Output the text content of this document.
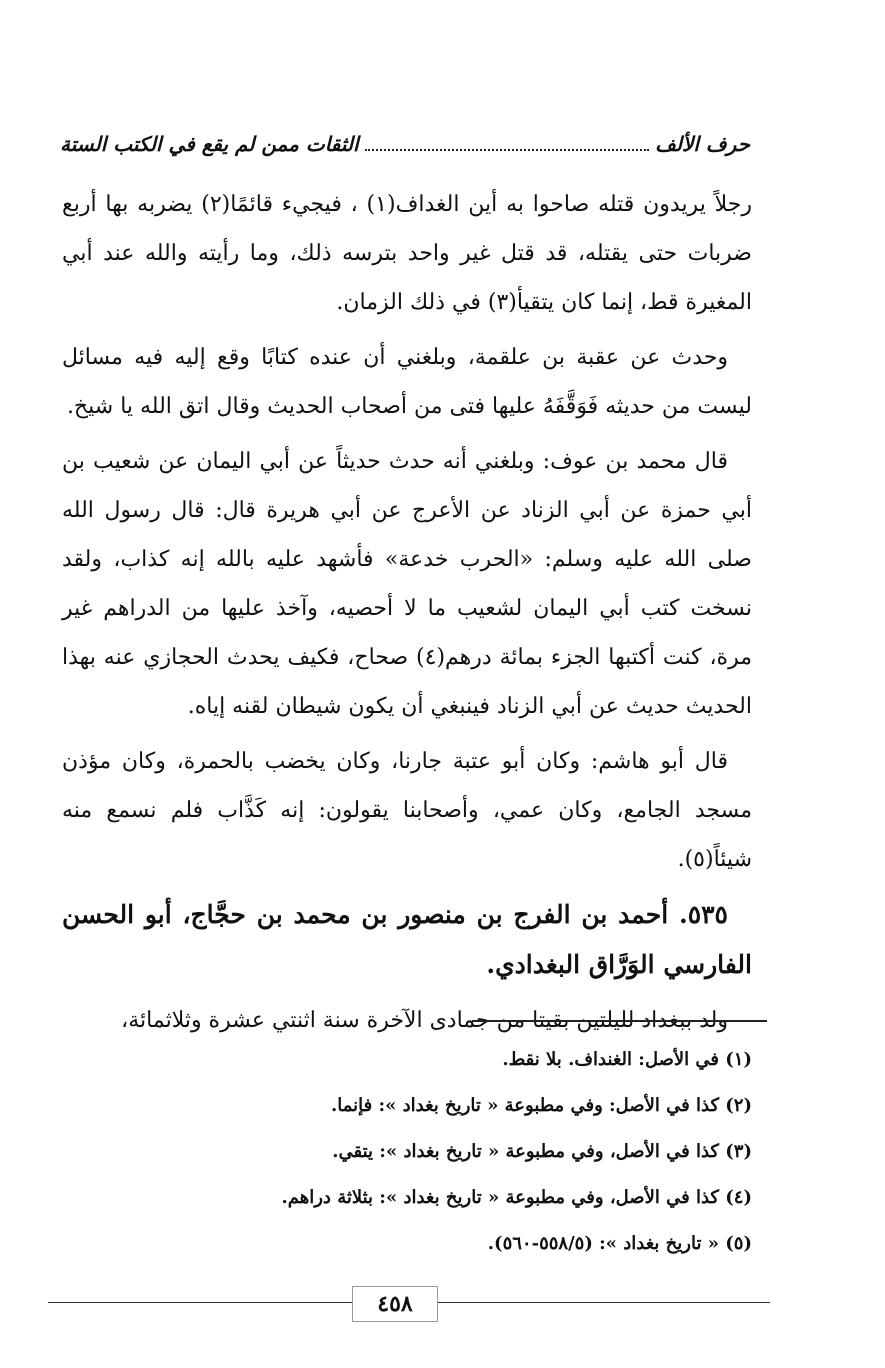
حرف الألف
الثقات ممن لم يقع في الكتب الستة

رجلاً يريدون قتله صاحوا به أين الغداف(١) ، فيجيء قائمًا(٢) يضربه بها أربع ضربات حتى يقتله، قد قتل غير واحد بترسه ذلك، وما رأيته والله عند أبي المغيرة قط، إنما كان يتقيأ(٣) في ذلك الزمان.

وحدث عن عقبة بن علقمة، وبلغني أن عنده كتابًا وقع إليه فيه مسائل ليست من حديثه فَوَقَّفَهُ عليها فتى من أصحاب الحديث وقال اتق الله يا شيخ.

قال محمد بن عوف: وبلغني أنه حدث حديثاً عن أبي اليمان عن شعيب بن أبي حمزة عن أبي الزناد عن الأعرج عن أبي هريرة قال: قال رسول الله صلى الله عليه وسلم: «الحرب خدعة» فأشهد عليه بالله إنه كذاب، ولقد نسخت كتب أبي اليمان لشعيب ما لا أحصيه، وآخذ عليها من الدراهم غير مرة، كنت أكتبها الجزء بمائة درهم(٤) صحاح، فكيف يحدث الحجازي عنه بهذا الحديث حديث عن أبي الزناد فينبغي أن يكون شيطان لقنه إياه.

قال أبو هاشم: وكان أبو عتبة جارنا، وكان يخضب بالحمرة، وكان مؤذن مسجد الجامع، وكان عمي، وأصحابنا يقولون: إنه كَذَّاب فلم نسمع منه شيئاً(٥).

٥٣٥. أحمد بن الفرج بن منصور بن محمد بن حجَّاج، أبو الحسن الفارسي الوَرَّاق البغدادي.

ولد ببغداد لليلتين بقيتا من جمادى الآخرة سنة اثنتي عشرة وثلاثمائة،

(١) في الأصل: الغنداف. بلا نقط.
(٢) كذا في الأصل: وفي مطبوعة « تاريخ بغداد »: فإنما.
(٣) كذا في الأصل، وفي مطبوعة « تاريخ بغداد »: يتقي.
(٤) كذا في الأصل، وفي مطبوعة « تاريخ بغداد »: بثلاثة دراهم.
(٥) « تاريخ بغداد »: (٥٥٨/٥-٥٦٠).
٤٥٨
